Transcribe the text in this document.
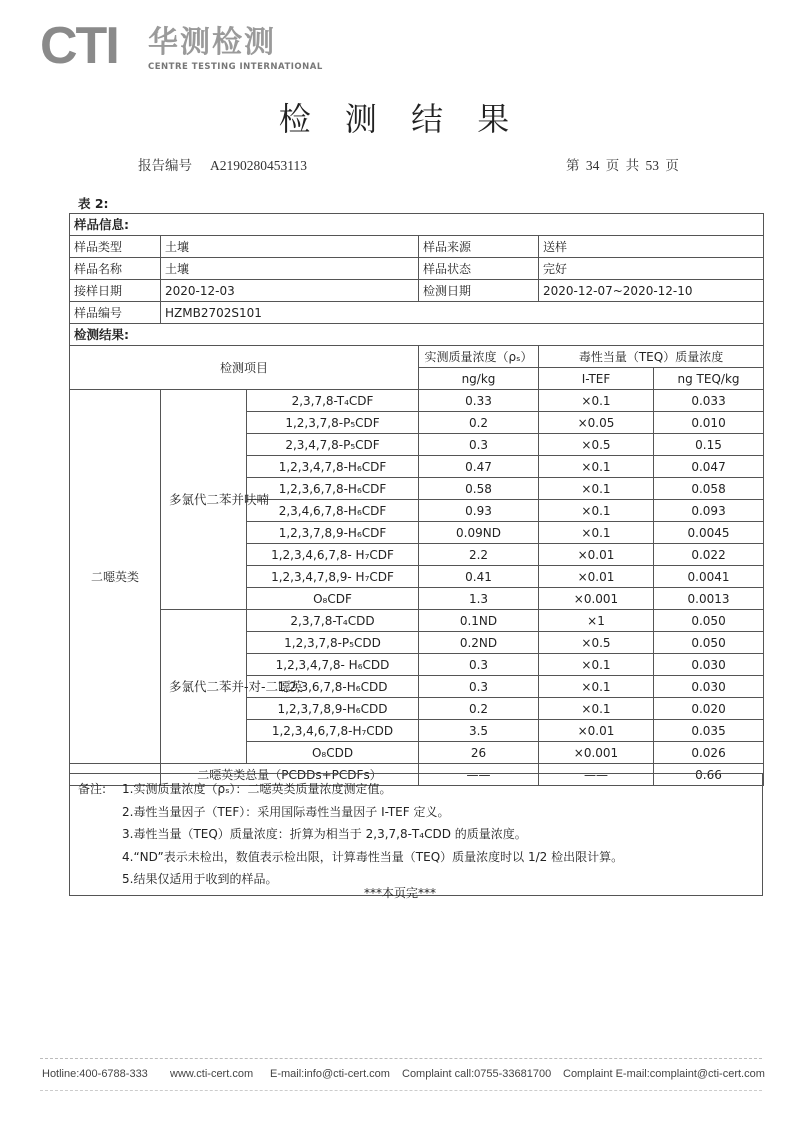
CTI 华测检测
CENTRE TESTING INTERNATIONAL
检 测 结 果
报告编号 A2190280453113	第 34 页 共 53 页
表 2:
样品信息:					
样品类型	土壤		样品来源	送样	
样品名称	土壤		样品状态	完好	
接样日期	2020-12-03		检测日期	2020-12-07~2020-12-10	
样品编号	HZMB2702S101				
检测结果:					
检测项目			实测质量浓度（ρₛ）	毒性当量（TEQ）质量浓度	
			ng/kg	I-TEF	ng TEQ/kg
二噁英类	多氯代二苯并呋喃	2,3,7,8-T₄CDF	0.33	×0.1	0.033
		1,2,3,7,8-P₅CDF	0.2	×0.05	0.010
		2,3,4,7,8-P₅CDF	0.3	×0.5	0.15
		1,2,3,4,7,8-H₆CDF	0.47	×0.1	0.047
		1,2,3,6,7,8-H₆CDF	0.58	×0.1	0.058
		2,3,4,6,7,8-H₆CDF	0.93	×0.1	0.093
		1,2,3,7,8,9-H₆CDF	0.09ND	×0.1	0.0045
		1,2,3,4,6,7,8- H₇CDF	2.2	×0.01	0.022
		1,2,3,4,7,8,9- H₇CDF	0.41	×0.01	0.0041
		O₈CDF	1.3	×0.001	0.0013
	多氯代二苯并-对-二噁英	2,3,7,8-T₄CDD	0.1ND	×1	0.050
		1,2,3,7,8-P₅CDD	0.2ND	×0.5	0.050
		1,2,3,4,7,8- H₆CDD	0.3	×0.1	0.030
		1,2,3,6,7,8-H₆CDD	0.3	×0.1	0.030
		1,2,3,7,8,9-H₆CDD	0.2	×0.1	0.020
		1,2,3,4,6,7,8-H₇CDD	3.5	×0.01	0.035
		O₈CDD	26	×0.001	0.026
	二噁英类总量（PCDDs+PCDFs）		——	——	0.66
备注: 1.实测质量浓度（ρₛ）：二噁英类质量浓度测定值。
2.毒性当量因子（TEF）：采用国际毒性当量因子 I-TEF 定义。
3.毒性当量（TEQ）质量浓度：折算为相当于 2,3,7,8-T₄CDD 的质量浓度。
4.“ND”表示未检出，数值表示检出限，计算毒性当量（TEQ）质量浓度时以 1/2 检出限计算。
5.结果仅适用于收到的样品。
***本页完***
Hotline:400-6788-333 www.cti-cert.com E-mail:info@cti-cert.com Complaint call:0755-33681700 Complaint E-mail:complaint@cti-cert.com
